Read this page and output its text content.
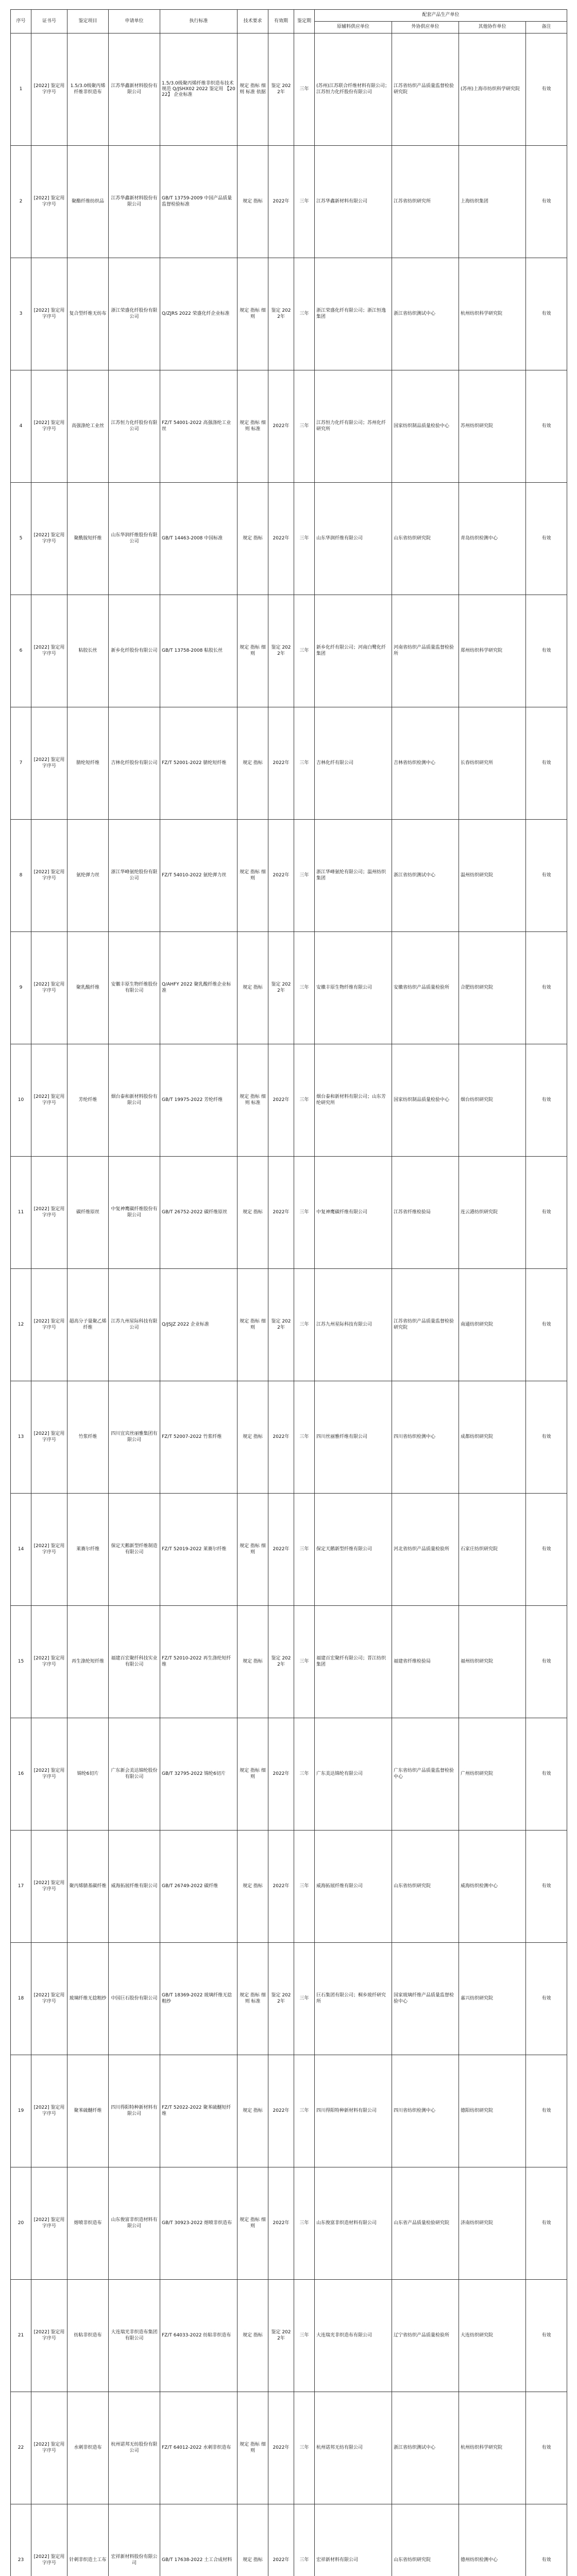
序号	证书号	鉴定项目	申请单位	执行标准	技术要求	有效期	鉴定期	配套产品生产单位			
								原辅料供应单位	外协供应单位	其他协作单位	备注
1	[2022] 鉴定用字序号	1.5/3.0级聚丙烯纤维非织造布	江苏华鑫新材料股份有限公司	1.5/3.0级聚丙烯纤维非织造布技术规范 Q/JSHX02 2022 鉴定用 【2022】 企业标准	规定 指标 细则 标准 依据	鉴定 2022年	三年	(苏州)江苏联合纤维材料有限公司；江苏恒力化纤股份有限公司	江苏省纺织产品质量监督检验研究院	(苏州)上海市纺织科学研究院	有效
2	[2022] 鉴定用字序号	聚酯纤维纺织品	江苏华鑫新材料股份有限公司	GB/T 13759-2009 中国产品质量监督检验标准	规定 指标	2022年	三年	江苏华鑫新材料有限公司	江苏省纺织研究所	上海纺织集团	有效
3	[2022] 鉴定用字序号	复合型纤维无纺布	浙江荣盛化纤股份有限公司	Q/ZJRS 2022 荣盛化纤企业标准	规定 指标 细则	鉴定 2022年	三年	浙江荣盛化纤有限公司；浙江恒逸集团	浙江省纺织测试中心	杭州纺织科学研究院	有效
4	[2022] 鉴定用字序号	高强涤纶工业丝	江苏恒力化纤股份有限公司	FZ/T 54001-2022 高强涤纶工业丝	规定 指标 细则 标准	2022年	三年	江苏恒力化纤有限公司；苏州化纤研究所	国家纺织制品质量检验中心	苏州纺织研究院	有效
5	[2022] 鉴定用字序号	聚酰胺短纤维	山东华润纤维股份有限公司	GB/T 14463-2008 中国标准	规定 指标	2022年	三年	山东华润纤维有限公司	山东省纺织研究院	青岛纺织检测中心	有效
6	[2022] 鉴定用字序号	粘胶长丝	新乡化纤股份有限公司	GB/T 13758-2008 粘胶长丝	规定 指标 细则	鉴定 2022年	三年	新乡化纤有限公司；河南白鹭化纤集团	河南省纺织产品质量监督检验所	郑州纺织科学研究院	有效
7	[2022] 鉴定用字序号	腈纶短纤维	吉林化纤股份有限公司	FZ/T 52001-2022 腈纶短纤维	规定 指标	2022年	三年	吉林化纤有限公司	吉林省纺织检测中心	长春纺织研究所	有效
8	[2022] 鉴定用字序号	氨纶弹力丝	浙江华峰氨纶股份有限公司	FZ/T 54010-2022 氨纶弹力丝	规定 指标 细则	2022年	三年	浙江华峰氨纶有限公司；温州纺织集团	浙江省纺织测试中心	温州纺织研究院	有效
9	[2022] 鉴定用字序号	聚乳酸纤维	安徽丰原生物纤维股份有限公司	Q/AHFY 2022 聚乳酸纤维企业标准	规定 指标	鉴定 2022年	三年	安徽丰原生物纤维有限公司	安徽省纺织产品质量检验所	合肥纺织研究院	有效
10	[2022] 鉴定用字序号	芳纶纤维	烟台泰和新材料股份有限公司	GB/T 19975-2022 芳纶纤维	规定 指标 细则 标准	2022年	三年	烟台泰和新材料有限公司；山东芳纶研究所	国家纺织制品质量检验中心	烟台纺织研究院	有效
11	[2022] 鉴定用字序号	碳纤维原丝	中复神鹰碳纤维股份有限公司	GB/T 26752-2022 碳纤维原丝	规定 指标	2022年	三年	中复神鹰碳纤维有限公司	江苏省纤维检验局	连云港纺织研究院	有效
12	[2022] 鉴定用字序号	超高分子量聚乙烯纤维	江苏九州星际科技有限公司	Q/JSJZ 2022 企业标准	规定 指标 细则	鉴定 2022年	三年	江苏九州星际科技有限公司	江苏省纺织产品质量监督检验研究院	南通纺织研究院	有效
13	[2022] 鉴定用字序号	竹浆纤维	四川宜宾丝丽雅集团有限公司	FZ/T 52007-2022 竹浆纤维	规定 指标	2022年	三年	四川丝丽雅纤维有限公司	四川省纺织检测中心	成都纺织研究院	有效
14	[2022] 鉴定用字序号	莱赛尔纤维	保定天鹅新型纤维制造有限公司	FZ/T 52019-2022 莱赛尔纤维	规定 指标 细则	2022年	三年	保定天鹅新型纤维有限公司	河北省纺织产品质量检验所	石家庄纺织研究院	有效
15	[2022] 鉴定用字序号	再生涤纶短纤维	福建百宏聚纤科技实业有限公司	FZ/T 52010-2022 再生涤纶短纤维	规定 指标	鉴定 2022年	三年	福建百宏聚纤有限公司；晋江纺织集团	福建省纤维检验局	福州纺织研究院	有效
16	[2022] 鉴定用字序号	锦纶6切片	广东新会美达锦纶股份有限公司	GB/T 32795-2022 锦纶6切片	规定 指标 细则	2022年	三年	广东美达锦纶有限公司	广东省纺织产品质量监督检验中心	广州纺织研究院	有效
17	[2022] 鉴定用字序号	聚丙烯腈基碳纤维	威海拓展纤维有限公司	GB/T 26749-2022 碳纤维	规定 指标	2022年	三年	威海拓展纤维有限公司	山东省纺织研究院	威海纺织检测中心	有效
18	[2022] 鉴定用字序号	玻璃纤维无捻粗纱	中国巨石股份有限公司	GB/T 18369-2022 玻璃纤维无捻粗纱	规定 指标 细则 标准	鉴定 2022年	三年	巨石集团有限公司；桐乡玻纤研究所	国家玻璃纤维产品质量监督检验中心	嘉兴纺织研究院	有效
19	[2022] 鉴定用字序号	聚苯硫醚纤维	四川得阳特种新材料有限公司	FZ/T 52022-2022 聚苯硫醚短纤维	规定 指标	2022年	三年	四川得阳特种新材料有限公司	四川省纺织检测中心	德阳纺织研究院	有效
20	[2022] 鉴定用字序号	熔喷非织造布	山东俊富非织造材料有限公司	GB/T 30923-2022 熔喷非织造布	规定 指标 细则	2022年	三年	山东俊富非织造材料有限公司	山东省产品质量检验研究院	济南纺织研究院	有效
21	[2022] 鉴定用字序号	纺粘非织造布	大连瑞光非织造布集团有限公司	FZ/T 64033-2022 纺粘非织造布	规定 指标	鉴定 2022年	三年	大连瑞光非织造布有限公司	辽宁省纺织产品质量检验所	大连纺织研究院	有效
22	[2022] 鉴定用字序号	水刺非织造布	杭州诺邦无纺股份有限公司	FZ/T 64012-2022 水刺非织造布	规定 指标 细则	2022年	三年	杭州诺邦无纺有限公司	浙江省纺织测试中心	杭州纺织科学研究院	有效
23	[2022] 鉴定用字序号	针刺非织造土工布	宏祥新材料股份有限公司	GB/T 17638-2022 土工合成材料	规定 指标	2022年	三年	宏祥新材料有限公司	山东省纺织研究院	德州纺织检测中心	有效
